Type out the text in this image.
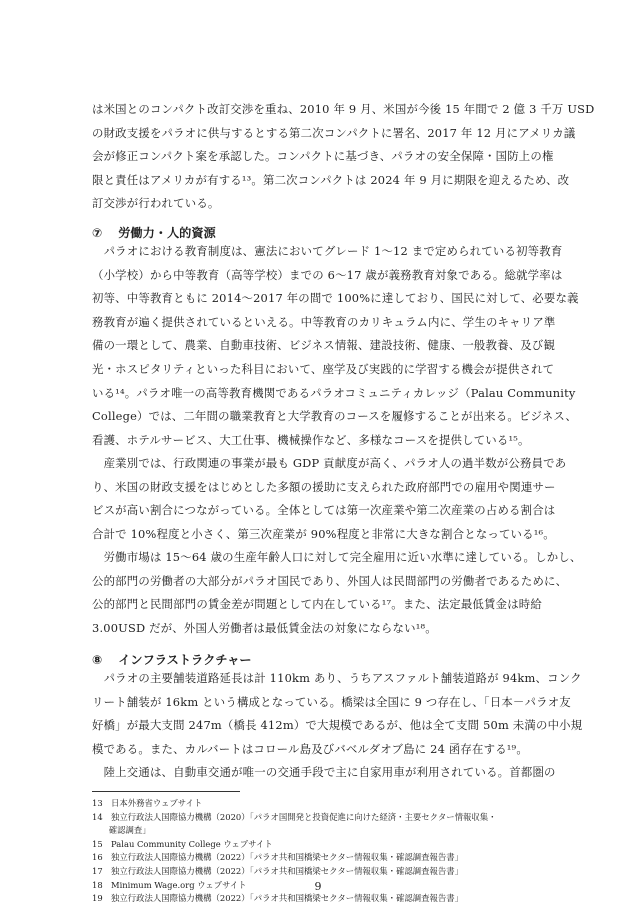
は米国とのコンパクト改訂交渉を重ね、2010 年 9 月、米国が今後 15 年間で 2 億 3 千万 USD
の財政支援をパラオに供与するとする第二次コンパクトに署名、2017 年 12 月にアメリカ議
会が修正コンパクト案を承認した。コンパクトに基づき、パラオの安全保障・国防上の権
限と責任はアメリカが有する¹³。第二次コンパクトは 2024 年 9 月に期限を迎えるため、改
訂交渉が行われている。
⑦ 労働力・人的資源
　パラオにおける教育制度は、憲法においてグレード 1〜12 まで定められている初等教育
（小学校）から中等教育（高等学校）までの 6〜17 歳が義務教育対象である。総就学率は
初等、中等教育ともに 2014〜2017 年の間で 100%に達しており、国民に対して、必要な義
務教育が遍く提供されているといえる。中等教育のカリキュラム内に、学生のキャリア準
備の一環として、農業、自動車技術、ビジネス情報、建設技術、健康、一般教養、及び観
光・ホスピタリティといった科目において、座学及び実践的に学習する機会が提供されて
いる¹⁴。パラオ唯一の高等教育機関であるパラオコミュニティカレッジ（Palau Community
College）では、二年間の職業教育と大学教育のコースを履修することが出来る。ビジネス、
看護、ホテルサービス、大工仕事、機械操作など、多様なコースを提供している¹⁵。
　産業別では、行政関連の事業が最も GDP 貢献度が高く、パラオ人の過半数が公務員であ
り、米国の財政支援をはじめとした多額の援助に支えられた政府部門での雇用や関連サー
ビスが高い割合につながっている。全体としては第一次産業や第二次産業の占める割合は
合計で 10%程度と小さく、第三次産業が 90%程度と非常に大きな割合となっている¹⁶。
　労働市場は 15〜64 歳の生産年齢人口に対して完全雇用に近い水準に達している。しかし、
公的部門の労働者の大部分がパラオ国民であり、外国人は民間部門の労働者であるために、
公的部門と民間部門の賃金差が問題として内在している¹⁷。また、法定最低賃金は時給
3.00USD だが、外国人労働者は最低賃金法の対象にならない¹⁸。
⑧ インフラストラクチャー
　パラオの主要舗装道路延長は計 110km あり、うちアスファルト舗装道路が 94km、コンク
リート舗装が 16km という構成となっている。橋梁は全国に 9 つ存在し、「日本－パラオ友
好橋」が最大支間 247m（橋長 412m）で大規模であるが、他は全て支間 50m 未満の中小規
模である。また、カルバートはコロール島及びバベルダオブ島に 24 函存在する¹⁹。
　陸上交通は、自動車交通が唯一の交通手段で主に自家用車が利用されている。首都圏の
13　日本外務省ウェブサイト
14　独立行政法人国際協力機構（2020）「パラオ国開発と投資促進に向けた経済・主要セクター情報収集・
　　確認調査」
15　Palau Community College ウェブサイト
16　独立行政法人国際協力機構（2022）「パラオ共和国橋梁セクター情報収集・確認調査報告書」
17　独立行政法人国際協力機構（2022）「パラオ共和国橋梁セクター情報収集・確認調査報告書」
18　Minimum Wage.org ウェブサイト
19　独立行政法人国際協力機構（2022）「パラオ共和国橋梁セクター情報収集・確認調査報告書」
9
